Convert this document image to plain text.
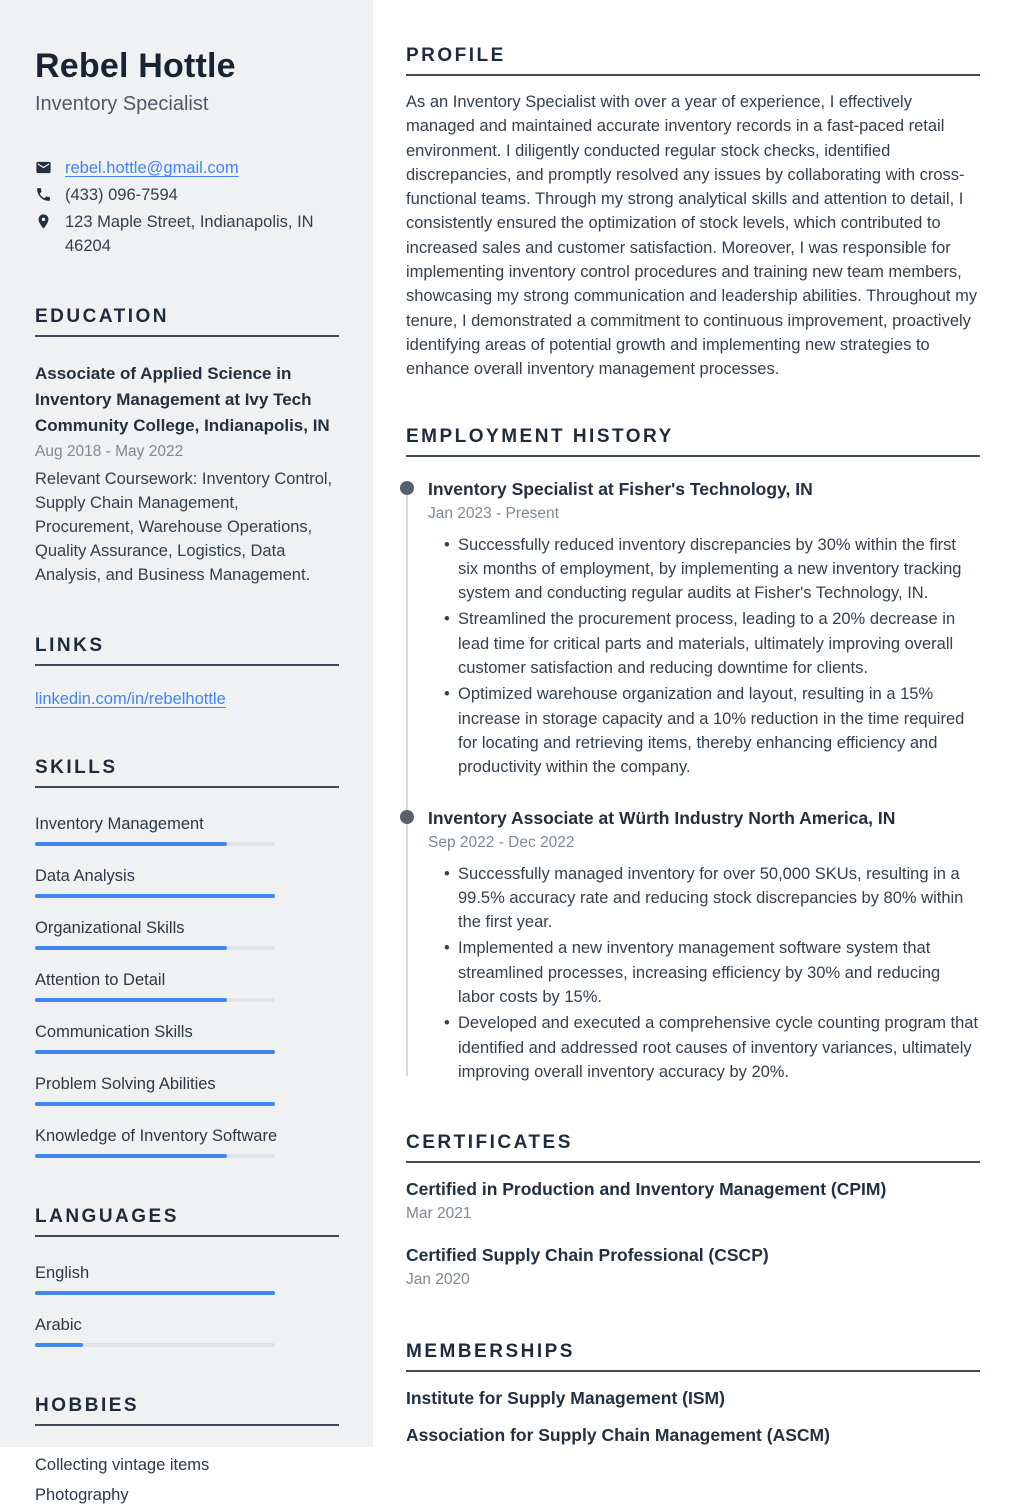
Rebel Hottle
Inventory Specialist
rebel.hottle@gmail.com
(433) 096-7594
123 Maple Street, Indianapolis, IN 46204
EDUCATION
Associate of Applied Science in Inventory Management at Ivy Tech Community College, Indianapolis, IN
Aug 2018 - May 2022
Relevant Coursework: Inventory Control, Supply Chain Management, Procurement, Warehouse Operations, Quality Assurance, Logistics, Data Analysis, and Business Management.
LINKS
linkedin.com/in/rebelhottle
SKILLS
Inventory Management
Data Analysis
Organizational Skills
Attention to Detail
Communication Skills
Problem Solving Abilities
Knowledge of Inventory Software
LANGUAGES
English
Arabic
HOBBIES
Collecting vintage items
Photography
PROFILE

As an Inventory Specialist with over a year of experience, I effectively managed and maintained accurate inventory records in a fast-paced retail environment. I diligently conducted regular stock checks, identified discrepancies, and promptly resolved any issues by collaborating with cross-functional teams. Through my strong analytical skills and attention to detail, I consistently ensured the optimization of stock levels, which contributed to increased sales and customer satisfaction. Moreover, I was responsible for implementing inventory control procedures and training new team members, showcasing my strong communication and leadership abilities. Throughout my tenure, I demonstrated a commitment to continuous improvement, proactively identifying areas of potential growth and implementing new strategies to enhance overall inventory management processes.

EMPLOYMENT HISTORY
Inventory Specialist at Fisher's Technology, IN
Jan 2023 - Present
• Successfully reduced inventory discrepancies by 30% within the first six months of employment, by implementing a new inventory tracking system and conducting regular audits at Fisher's Technology, IN.
• Streamlined the procurement process, leading to a 20% decrease in lead time for critical parts and materials, ultimately improving overall customer satisfaction and reducing downtime for clients.
• Optimized warehouse organization and layout, resulting in a 15% increase in storage capacity and a 10% reduction in the time required for locating and retrieving items, thereby enhancing efficiency and productivity within the company.
Inventory Associate at Würth Industry North America, IN
Sep 2022 - Dec 2022
• Successfully managed inventory for over 50,000 SKUs, resulting in a 99.5% accuracy rate and reducing stock discrepancies by 80% within the first year.
• Implemented a new inventory management software system that streamlined processes, increasing efficiency by 30% and reducing labor costs by 15%.
• Developed and executed a comprehensive cycle counting program that identified and addressed root causes of inventory variances, ultimately improving overall inventory accuracy by 20%.
CERTIFICATES
Certified in Production and Inventory Management (CPIM)
Mar 2021
Certified Supply Chain Professional (CSCP)
Jan 2020
MEMBERSHIPS
Institute for Supply Management (ISM)
Association for Supply Chain Management (ASCM)
